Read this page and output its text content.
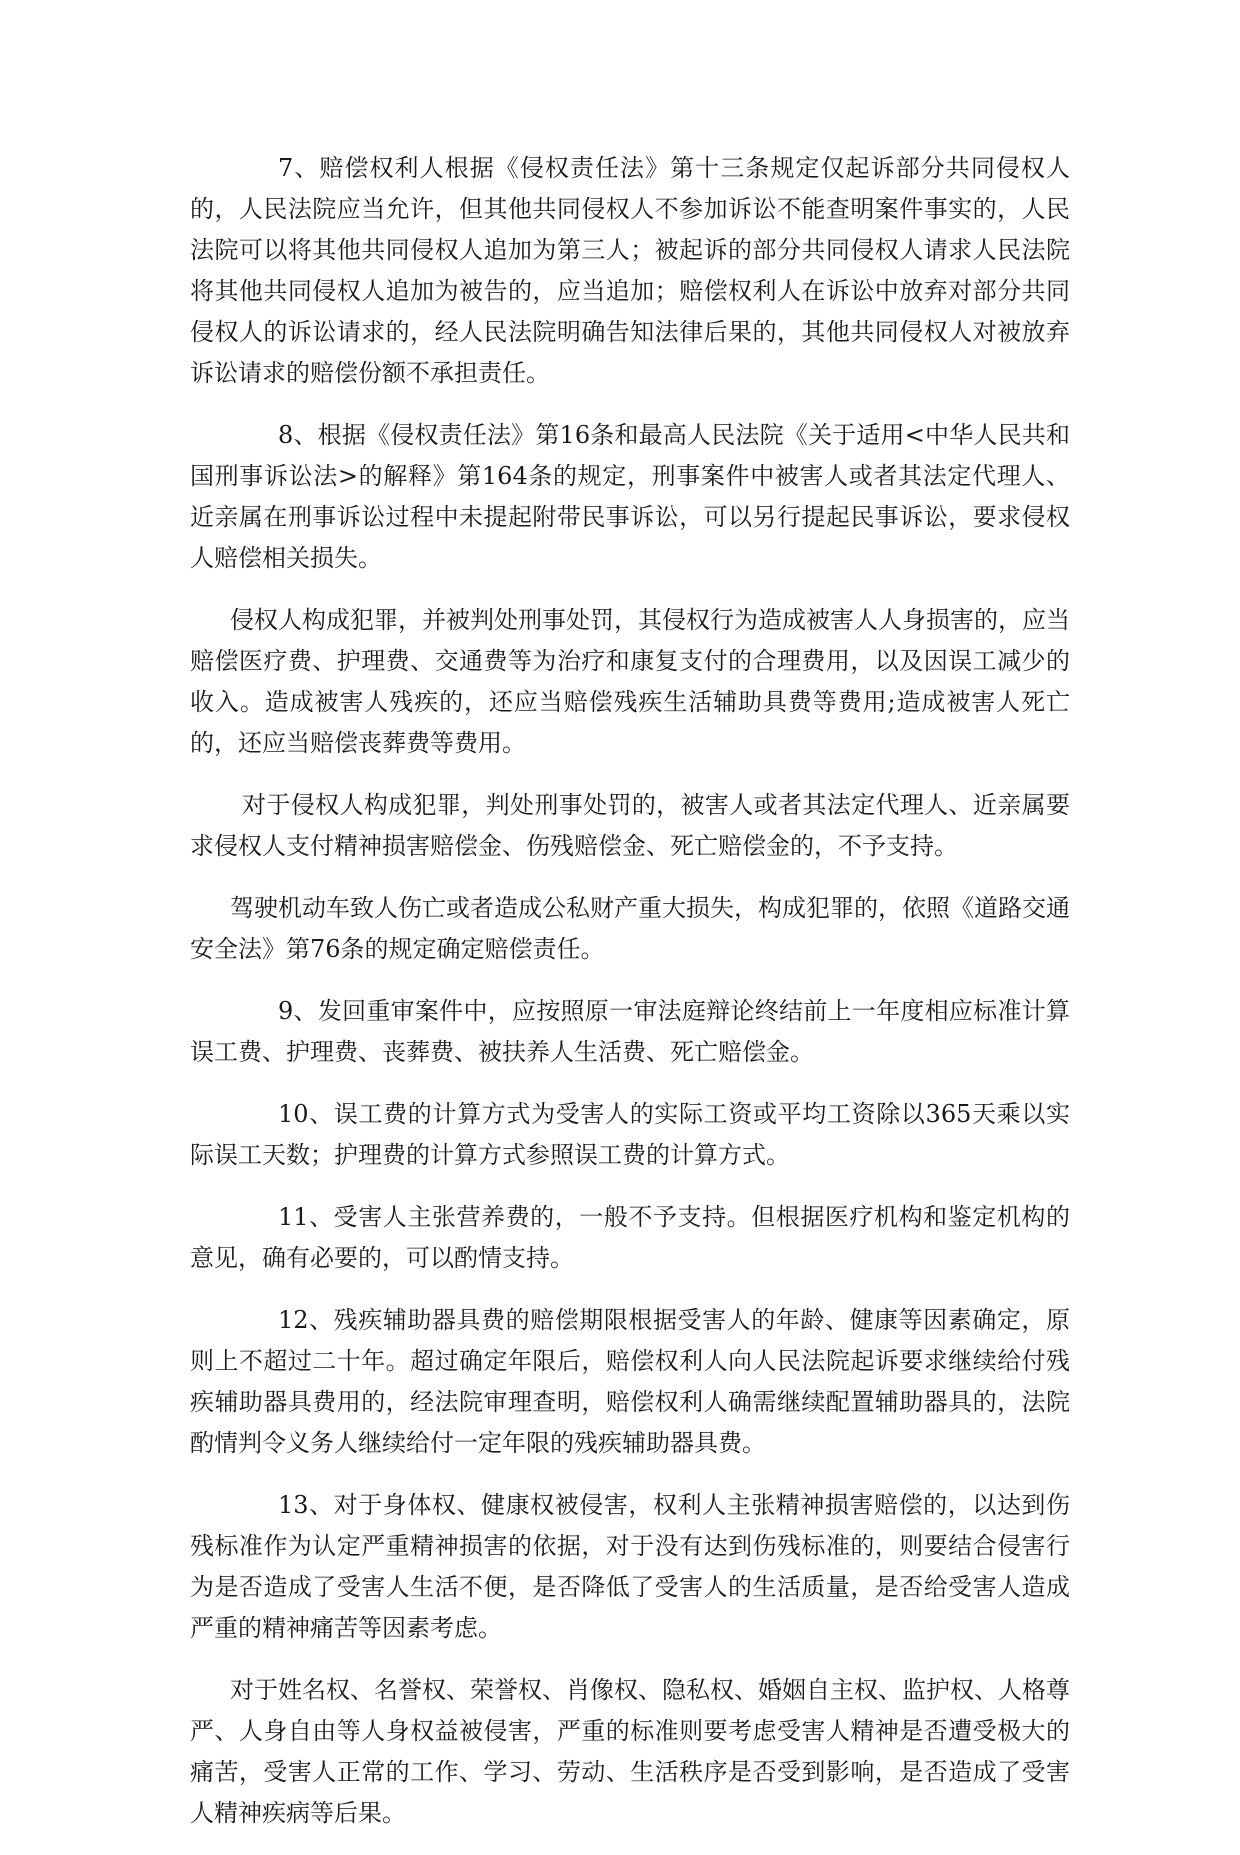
7、赔偿权利人根据《侵权责任法》第十三条规定仅起诉部分共同侵权人的，人民法院应当允许，但其他共同侵权人不参加诉讼不能查明案件事实的，人民法院可以将其他共同侵权人追加为第三人；被起诉的部分共同侵权人请求人民法院将其他共同侵权人追加为被告的，应当追加；赔偿权利人在诉讼中放弃对部分共同侵权人的诉讼请求的，经人民法院明确告知法律后果的，其他共同侵权人对被放弃诉讼请求的赔偿份额不承担责任。

8、根据《侵权责任法》第16条和最高人民法院《关于适用<中华人民共和国刑事诉讼法>的解释》第164条的规定，刑事案件中被害人或者其法定代理人、近亲属在刑事诉讼过程中未提起附带民事诉讼，可以另行提起民事诉讼，要求侵权人赔偿相关损失。

侵权人构成犯罪，并被判处刑事处罚，其侵权行为造成被害人人身损害的，应当赔偿医疗费、护理费、交通费等为治疗和康复支付的合理费用，以及因误工减少的收入。造成被害人残疾的，还应当赔偿残疾生活辅助具费等费用;造成被害人死亡的，还应当赔偿丧葬费等费用。

对于侵权人构成犯罪，判处刑事处罚的，被害人或者其法定代理人、近亲属要求侵权人支付精神损害赔偿金、伤残赔偿金、死亡赔偿金的，不予支持。

驾驶机动车致人伤亡或者造成公私财产重大损失，构成犯罪的，依照《道路交通安全法》第76条的规定确定赔偿责任。

9、发回重审案件中，应按照原一审法庭辩论终结前上一年度相应标准计算误工费、护理费、丧葬费、被扶养人生活费、死亡赔偿金。

10、误工费的计算方式为受害人的实际工资或平均工资除以365天乘以实际误工天数；护理费的计算方式参照误工费的计算方式。

11、受害人主张营养费的，一般不予支持。但根据医疗机构和鉴定机构的意见，确有必要的，可以酌情支持。

12、残疾辅助器具费的赔偿期限根据受害人的年龄、健康等因素确定，原则上不超过二十年。超过确定年限后，赔偿权利人向人民法院起诉要求继续给付残疾辅助器具费用的，经法院审理查明，赔偿权利人确需继续配置辅助器具的，法院酌情判令义务人继续给付一定年限的残疾辅助器具费。

13、对于身体权、健康权被侵害，权利人主张精神损害赔偿的，以达到伤残标准作为认定严重精神损害的依据，对于没有达到伤残标准的，则要结合侵害行为是否造成了受害人生活不便，是否降低了受害人的生活质量，是否给受害人造成严重的精神痛苦等因素考虑。

对于姓名权、名誉权、荣誉权、肖像权、隐私权、婚姻自主权、监护权、人格尊严、人身自由等人身权益被侵害，严重的标准则要考虑受害人精神是否遭受极大的痛苦，受害人正常的工作、学习、劳动、生活秩序是否受到影响，是否造成了受害人精神疾病等后果。
